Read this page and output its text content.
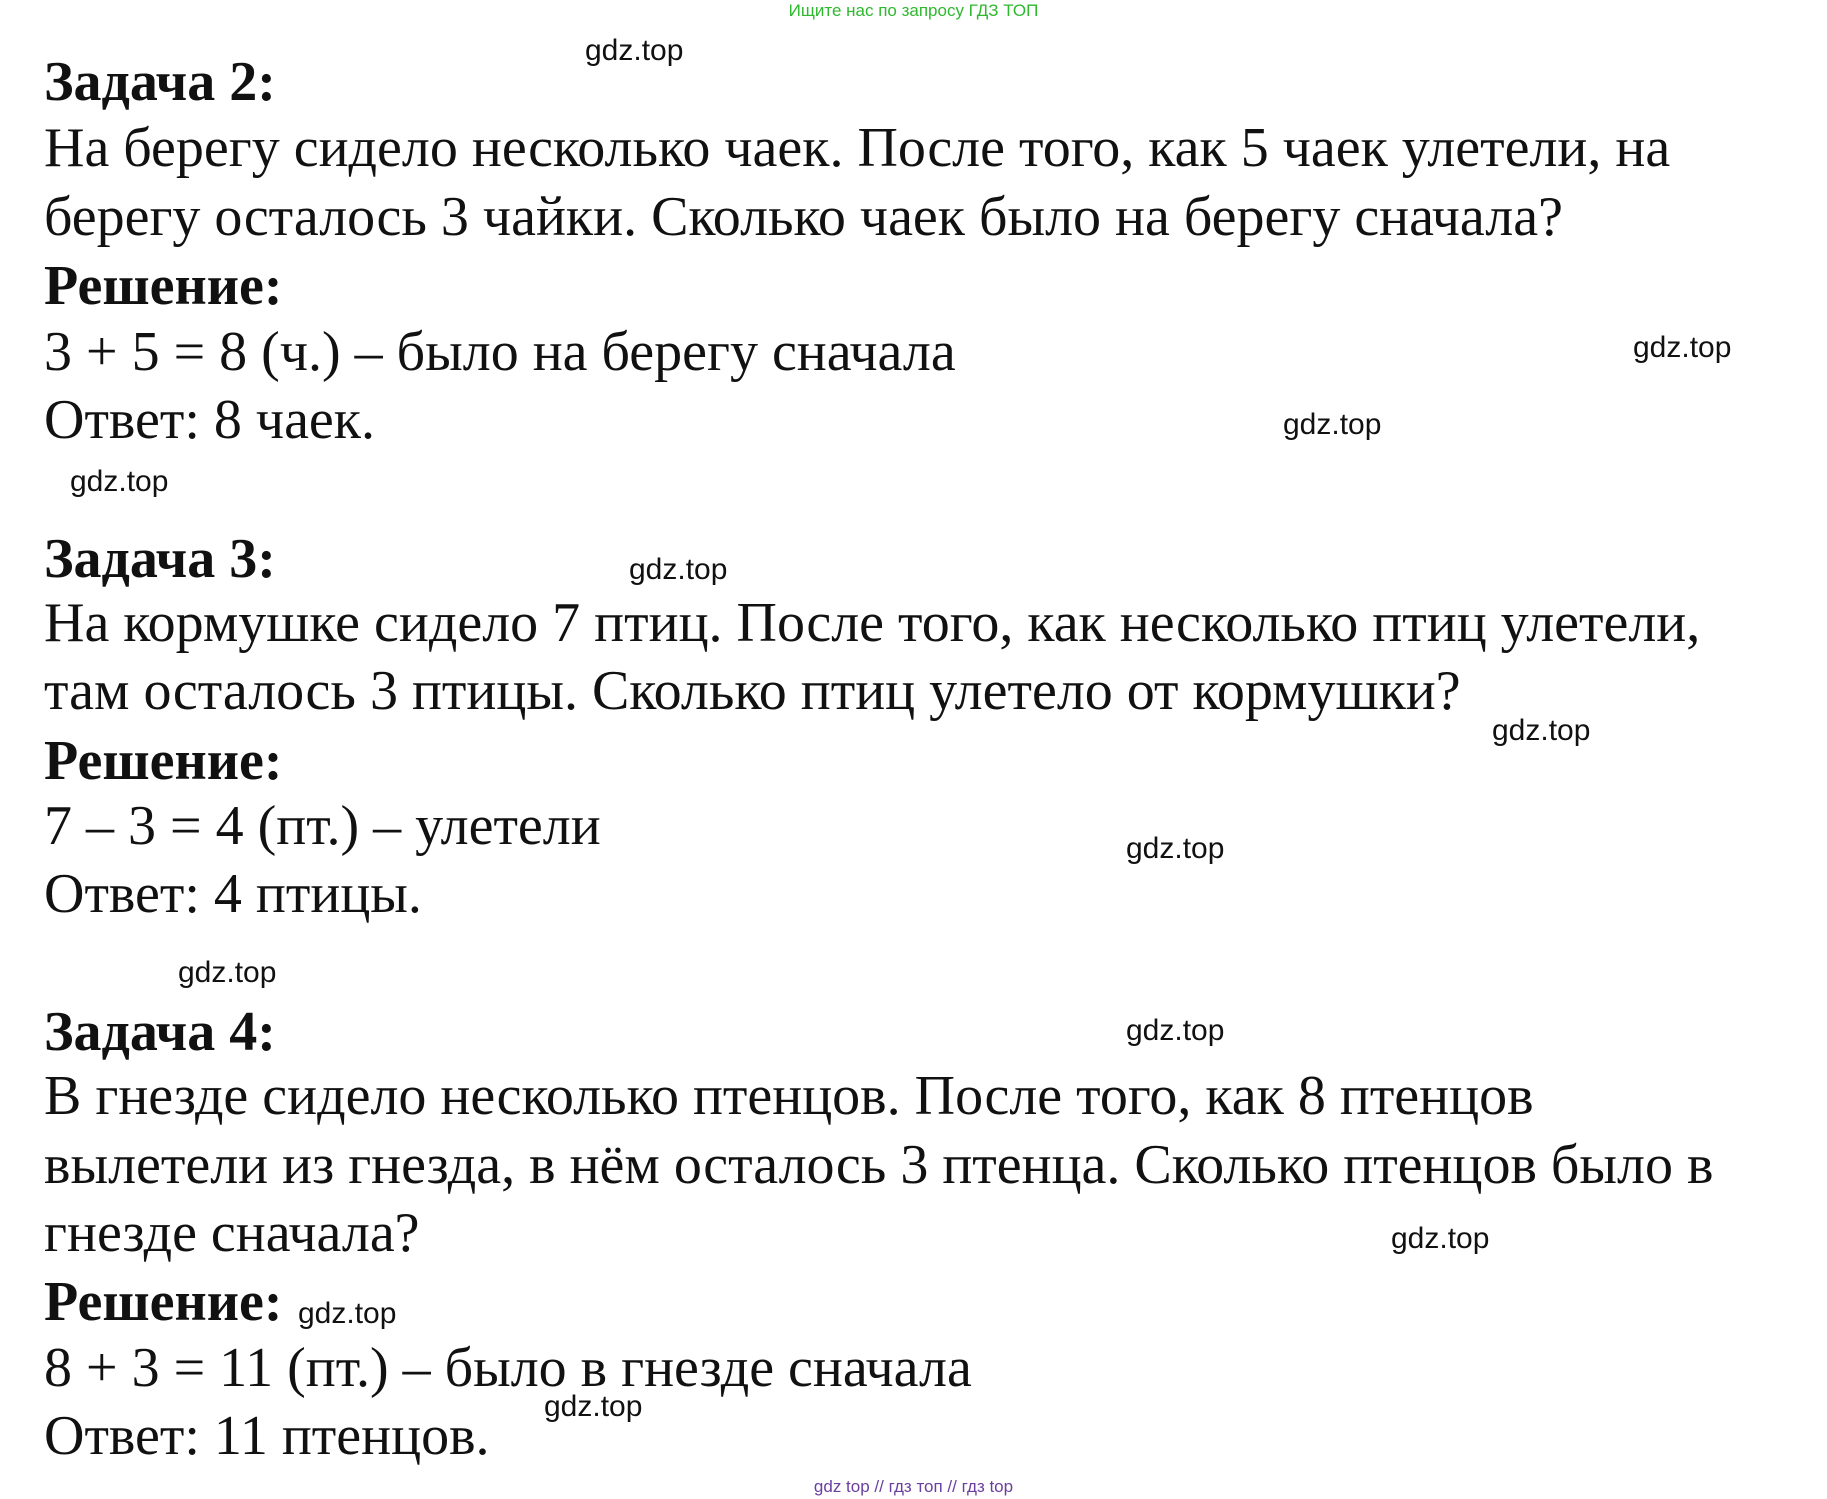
Ищите нас по запросу ГДЗ ТОП
Задача 2:
На берегу сидело несколько чаек. После того, как 5 чаек улетели, на
берегу осталось 3 чайки. Сколько чаек было на берегу сначала?
Решение:
3 + 5 = 8 (ч.) – было на берегу сначала
Ответ: 8 чаек.
Задача 3:
На кормушке сидело 7 птиц. После того, как несколько птиц улетели,
там осталось 3 птицы. Сколько птиц улетело от кормушки?
Решение:
7 – 3 = 4 (пт.) – улетели
Ответ: 4 птицы.
Задача 4:
В гнезде сидело несколько птенцов. После того, как 8 птенцов
вылетели из гнезда, в нём осталось 3 птенца. Сколько птенцов было в
гнезде сначала?
Решение:
8 + 3 = 11 (пт.) – было в гнезде сначала
Ответ: 11 птенцов.
gdz.top
gdz.top
gdz.top
gdz.top
gdz.top
gdz.top
gdz.top
gdz.top
gdz.top
gdz.top
gdz.top
gdz.top
gdz top // гдз топ // гдз top
